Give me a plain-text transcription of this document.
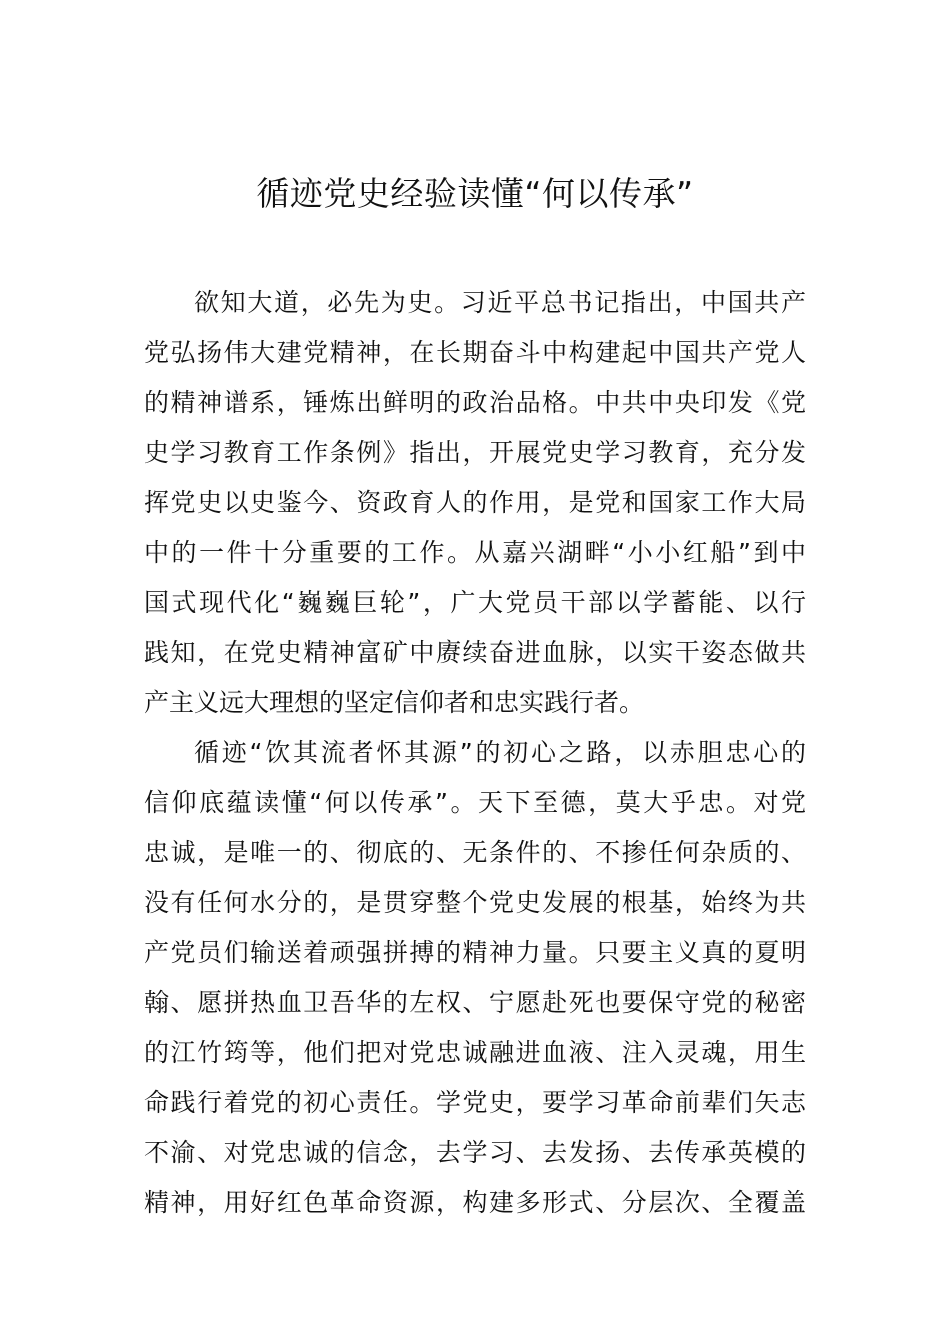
循迹党史经验读懂“何以传承”
欲知大道，必先为史。习近平总书记指出，中国共产
党弘扬伟大建党精神，在长期奋斗中构建起中国共产党人
的精神谱系，锤炼出鲜明的政治品格。中共中央印发《党
史学习教育工作条例》指出，开展党史学习教育，充分发
挥党史以史鉴今、资政育人的作用，是党和国家工作大局
中的一件十分重要的工作。从嘉兴湖畔“小小红船”到中
国式现代化“巍巍巨轮”，广大党员干部以学蓄能、以行
践知，在党史精神富矿中赓续奋进血脉，以实干姿态做共
产主义远大理想的坚定信仰者和忠实践行者。
循迹“饮其流者怀其源”的初心之路，以赤胆忠心的
信仰底蕴读懂“何以传承”。天下至德，莫大乎忠。对党
忠诚，是唯一的、彻底的、无条件的、不掺任何杂质的、
没有任何水分的，是贯穿整个党史发展的根基，始终为共
产党员们输送着顽强拼搏的精神力量。只要主义真的夏明
翰、愿拼热血卫吾华的左权、宁愿赴死也要保守党的秘密
的江竹筠等，他们把对党忠诚融进血液、注入灵魂，用生
命践行着党的初心责任。学党史，要学习革命前辈们矢志
不渝、对党忠诚的信念，去学习、去发扬、去传承英模的
精神，用好红色革命资源，构建多形式、分层次、全覆盖
